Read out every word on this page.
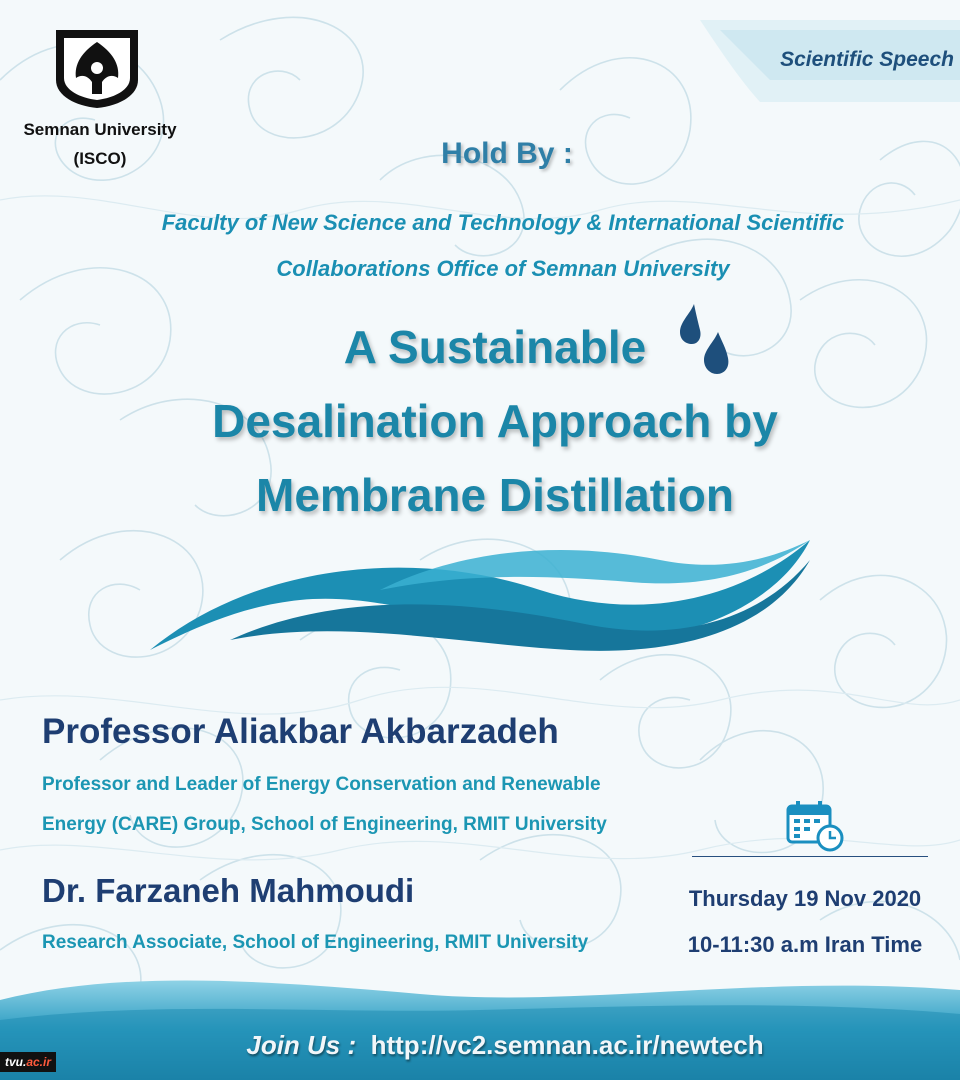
Semnan University
(ISCO)
Scientific Speech
Hold By :
Faculty of New Science and Technology & International Scientific
Collaborations Office of Semnan University
A Sustainable
Desalination Approach by
Membrane Distillation
Professor Aliakbar Akbarzadeh
Professor and Leader of Energy Conservation and Renewable
Energy (CARE) Group, School of Engineering, RMIT University
Dr. Farzaneh Mahmoudi
Research Associate, School of Engineering, RMIT University
Thursday 19 Nov 2020
10-11:30 a.m Iran Time
Join Us : http://vc2.semnan.ac.ir/newtech
tvu.ac.ir
